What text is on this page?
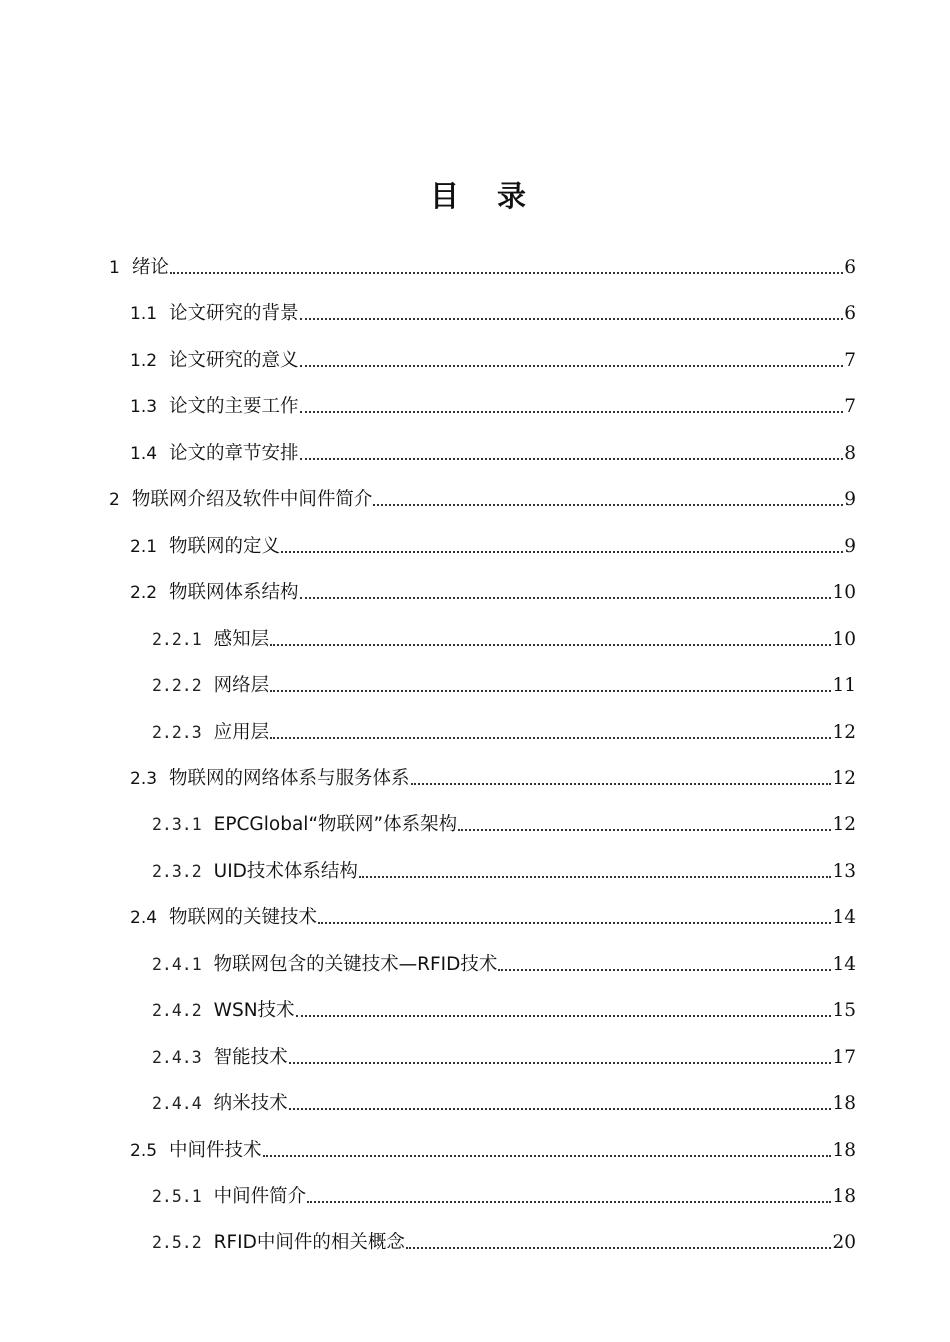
目 录
1 绪论	6
1.1 论文研究的背景	6
1.2 论文研究的意义	7
1.3 论文的主要工作	7
1.4 论文的章节安排	8
2 物联网介绍及软件中间件简介	9
2.1 物联网的定义	9
2.2 物联网体系结构	10
2.2.1 感知层	10
2.2.2 网络层	11
2.2.3 应用层	12
2.3 物联网的网络体系与服务体系	12
2.3.1 EPCGlobal“物联网”体系架构	12
2.3.2 UID技术体系结构	13
2.4 物联网的关键技术	14
2.4.1 物联网包含的关键技术—RFID技术	14
2.4.2 WSN技术	15
2.4.3 智能技术	17
2.4.4 纳米技术	18
2.5 中间件技术	18
2.5.1 中间件简介	18
2.5.2 RFID中间件的相关概念	20
